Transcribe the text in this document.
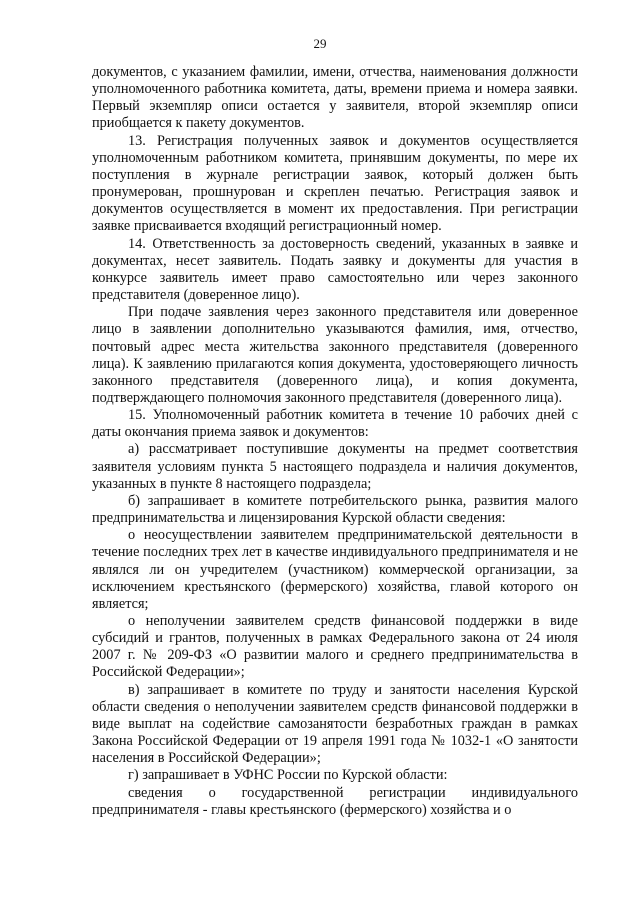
29

документов, с указанием фамилии, имени, отчества, наименования должности уполномоченного работника комитета, даты, времени приема и номера заявки. Первый экземпляр описи остается у заявителя, второй экземпляр описи приобщается к пакету документов.

13. Регистрация полученных заявок и документов осуществляется уполномоченным работником комитета, принявшим документы, по мере их поступления в журнале регистрации заявок, который должен быть пронумерован, прошнурован и скреплен печатью. Регистрация заявок и документов осуществляется в момент их предоставления. При регистрации заявке присваивается входящий регистрационный номер.

14. Ответственность за достоверность сведений, указанных в заявке и документах, несет заявитель. Подать заявку и документы для участия в конкурсе заявитель имеет право самостоятельно или через законного представителя (доверенное лицо).

При подаче заявления через законного представителя или доверенное лицо в заявлении дополнительно указываются фамилия, имя, отчество, почтовый адрес места жительства законного представителя (доверенного лица). К заявлению прилагаются копия документа, удостоверяющего личность законного представителя (доверенного лица), и копия документа, подтверждающего полномочия законного представителя (доверенного лица).

15. Уполномоченный работник комитета в течение 10 рабочих дней с даты окончания приема заявок и документов:

а) рассматривает поступившие документы на предмет соответствия заявителя условиям пункта 5 настоящего подраздела и наличия документов, указанных в пункте 8 настоящего подраздела;

б) запрашивает в комитете потребительского рынка, развития малого предпринимательства и лицензирования Курской области сведения:

о неосуществлении заявителем предпринимательской деятельности в течение последних трех лет в качестве индивидуального предпринимателя и не являлся ли он учредителем (участником) коммерческой организации, за исключением крестьянского (фермерского) хозяйства, главой которого он является;

о неполучении заявителем средств финансовой поддержки в виде субсидий и грантов, полученных в рамках Федерального закона от 24 июля 2007 г. № 209-ФЗ «О развитии малого и среднего предпринимательства в Российской Федерации»;

в) запрашивает в комитете по труду и занятости населения Курской области сведения о неполучении заявителем средств финансовой поддержки в виде выплат на содействие самозанятости безработных граждан в рамках Закона Российской Федерации от 19 апреля 1991 года № 1032-1 «О занятости населения в Российской Федерации»;

г) запрашивает в УФНС России по Курской области:

сведения о государственной регистрации индивидуального предпринимателя - главы крестьянского (фермерского) хозяйства и о
